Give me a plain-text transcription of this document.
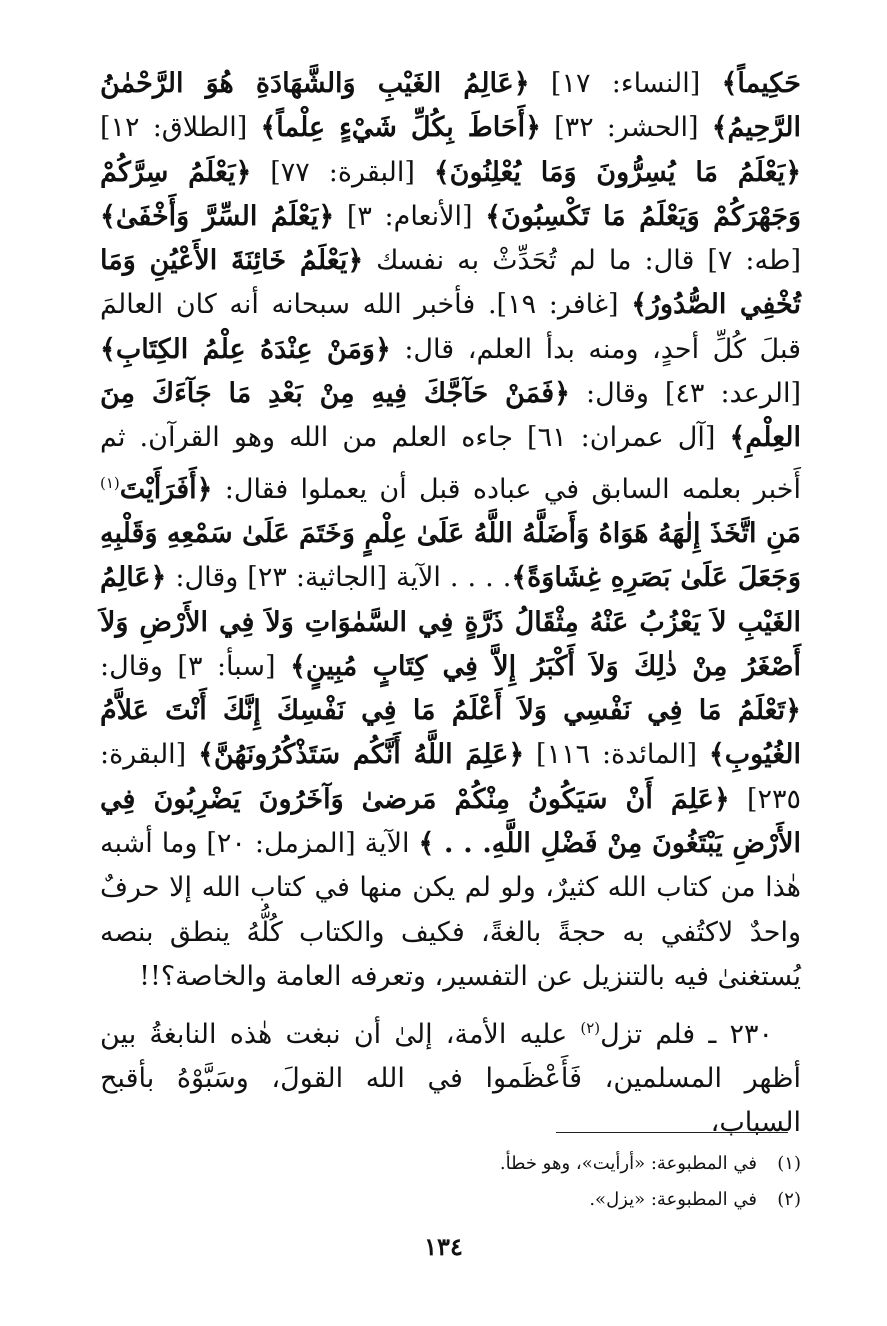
حَكِيماً﴾ [النساء: ١٧] ﴿عَالِمُ الغَيْبِ وَالشَّهَادَةِ هُوَ الرَّحْمٰنُ الرَّحِيمُ﴾ [الحشر: ٣٢] ﴿أَحَاطَ بِكُلِّ شَيْءٍ عِلْماً﴾ [الطلاق: ١٢] ﴿يَعْلَمُ مَا يُسِرُّونَ وَمَا يُعْلِنُونَ﴾ [البقرة: ٧٧] ﴿يَعْلَمُ سِرَّكُمْ وَجَهْرَكُمْ وَيَعْلَمُ مَا تَكْسِبُونَ﴾ [الأنعام: ٣] ﴿يَعْلَمُ السِّرَّ وَأَخْفَىٰ﴾ [طه: ٧] قال: ما لم تُحَدِّثْ به نفسك ﴿يَعْلَمُ خَائِنَةَ الأَعْيُنِ وَمَا تُخْفِي الصُّدُورُ﴾ [غافر: ١٩]. فأخبر الله سبحانه أنه كان العالمَ قبلَ كُلِّ أحدٍ، ومنه بدأ العلم، قال: ﴿وَمَنْ عِنْدَهُ عِلْمُ الكِتَابِ﴾ [الرعد: ٤٣] وقال: ﴿فَمَنْ حَآجَّكَ فِيهِ مِنْ بَعْدِ مَا جَآءَكَ مِنَ العِلْمِ﴾ [آل عمران: ٦١] جاءه العلم من الله وهو القرآن. ثم أَخبر بعلمه السابق في عباده قبل أن يعملوا فقال: ﴿أَفَرَأَيْتَ$^{(١)}$ مَنِ اتَّخَذَ إِلٰهَهُ هَوَاهُ وَأَضَلَّهُ اللَّهُ عَلَىٰ عِلْمٍ وَخَتَمَ عَلَىٰ سَمْعِهِ وَقَلْبِهِ وَجَعَلَ عَلَىٰ بَصَرِهِ غِشَاوَةً﴾. . . . الآية [الجاثية: ٢٣] وقال: ﴿عَالِمُ الغَيْبِ لاَ يَعْزُبُ عَنْهُ مِثْقَالُ ذَرَّةٍ فِي السَّمٰوَاتِ وَلاَ فِي الأَرْضِ وَلاَ أَصْغَرُ مِنْ ذٰلِكَ وَلاَ أَكْبَرُ إِلاَّ فِي كِتَابٍ مُبِينٍ﴾ [سبأ: ٣] وقال: ﴿تَعْلَمُ مَا فِي نَفْسِي وَلاَ أَعْلَمُ مَا فِي نَفْسِكَ إِنَّكَ أَنْتَ عَلاَّمُ الغُيُوبِ﴾ [المائدة: ١١٦] ﴿عَلِمَ اللَّهُ أَنَّكُم سَتَذْكُرُونَهُنَّ﴾ [البقرة: ٢٣٥] ﴿عَلِمَ أَنْ سَيَكُونُ مِنْكُمْ مَرضىٰ وَآخَرُونَ يَضْرِبُونَ فِي الأَرْضِ يَبْتَغُونَ مِنْ فَضْلِ اللَّهِ. . . ﴾ الآية [المزمل: ٢٠] وما أشبه هٰذا من كتاب الله كثيرٌ، ولو لم يكن منها في كتاب الله إلا حرفٌ واحدٌ لاكتُفي به حجةً بالغةً، فكيف والكتاب كُلُّهُ ينطق بنصه يُستغنىٰ فيه بالتنزيل عن التفسير، وتعرفه العامة والخاصة؟!!
٢٣٠ ـ فلم تزل$^{(٢)}$ عليه الأمة، إلىٰ أن نبغت هٰذه النابغةُ بين أظهر المسلمين، فَأَعْظَموا في الله القولَ، وسَبَّوْهُ بأقبح السباب،
(١)في المطبوعة: «أرأيت»، وهو خطأ.
(٢)في المطبوعة: «يزل».
١٣٤
